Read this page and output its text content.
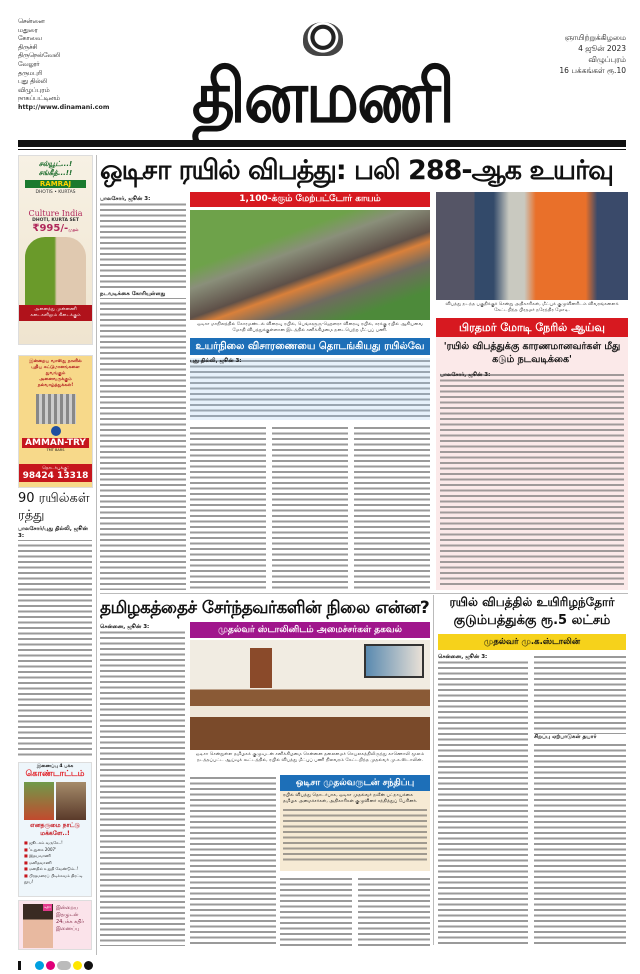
சென்னை
மதுரை
கோவை
திருச்சி
திருநெல்வேலி
வேலூர்
தருமபுரி
புது தில்லி
விழுப்புரம்
நாகப்பட்டினம்
http://www.dinamani.com தினமணி
ஞாயிற்றுக்கிழமை
4 ஜூன் 2023
விழுப்புரம்
16 பக்கங்கள் ரூ.10
சல்யூட்...!
சங்கீத்...!!
RAMRAJ
DHOTIS • KURTAS
Culture India
DHOTI, KURTA SET
₹995/-முதல்
அனைத்து முன்னணி கடைகளிலும் கிடைக்கும்
இன்றைய வாஸ்து நாளில் புதிய கட்டுமானங்களை துவங்கும் அனைவருக்கும் நல்வாழ்த்துக்கள்!
AMMAN-TRY
TMT BARS
தொடர்புக்கு:
98424 13318
90 ரயில்கள் ரத்து
பாலசோர்/புது தில்லி, ஜூன் 3:
இணைப்பு 4 பக்க
கொண்டாட்டம்
எனதருமை நாட்டு மக்களே..!
■ ஜூடகம் வருகே..!
■ 'உதுகை 2007'
■ இதயவாணி
■ மனிதவாணி
■ மனதில் உறுதி வேண்டும்..!
■ பிரதமரைப் பிடிக்கவும் திரட்டி தூய!
கதிர் இன்றைய இதழுடன் 24பக்க கதிர் இணைப்பு
ஒடிசா ரயில் விபத்து: பலி 288-ஆக உயர்வு
பாலசோர், ஜூன் 3:
நடவடிக்கை கோரியுள்ளது
1,100-க்கும் மேற்பட்டோர் காயம்
ஒடிசா மாநிலத்தில் கோரமண்டல் விரைவு ரயில், பெங்களூரு-ஹௌரா விரைவு ரயில், சரக்கு ரயில் ஆகியவை மோதி விபத்துக்குள்ளான இடத்தில் சனிக்கிழமை நடைபெற்ற மீட்புப் பணி.
உயர்நிலை விசாரணையை தொடங்கியது ரயில்வே
புது தில்லி, ஜூன் 3:
விபத்து நடந்த பகுதிக்குச் சென்று அதிகாரிகள், மீட்புக் குழுவினரிடம் விவரங்களைக் கேட்டறிந்த பிரதமர் நரேந்திர மோடி.
பிரதமர் மோடி நேரில் ஆய்வு
'ரயில் விபத்துக்கு காரணமானவர்கள் மீது கடும் நடவடிக்கை'
பாலசோர், ஜூன் 3:
தமிழகத்தைச் சேர்ந்தவர்களின் நிலை என்ன?
சென்னை, ஜூன் 3:	முதல்வர் ஸ்டாலினிடம் அமைச்சர்கள் தகவல்
ஒடிசா சென்றுள்ள தமிழகக் குழுவுடன் சனிக்கிழமை சென்னை தலைமைச் செயலகத்திலிருந்து காணொலி மூலம் நடத்தப்பட்ட ஆய்வுக் கூட்டத்தில், ரயில் விபத்து மீட்புப் பணி நிலவரம் கேட்டறிந்த முதல்வர் மு.க.ஸ்டாலின்.
ஒடிசா முதல்வருடன் சந்திப்பு
ரயில் விபத்து தொடர்பாக, ஒடிசா முதல்வர் நவீன் பட்நாயக்கை தமிழக அமைச்சர்கள், அதிகாரிகள் குழுவினர் சந்தித்துப் பேசினர்.
ரயில் விபத்தில் உயிரிழந்தோர்
குடும்பத்துக்கு ரூ.5 லட்சம்
முதல்வர் மு.க.ஸ்டாலின்
சென்னை, ஜூன் 3:
சிறப்பு ஏற்பாடுகள் தயார்
